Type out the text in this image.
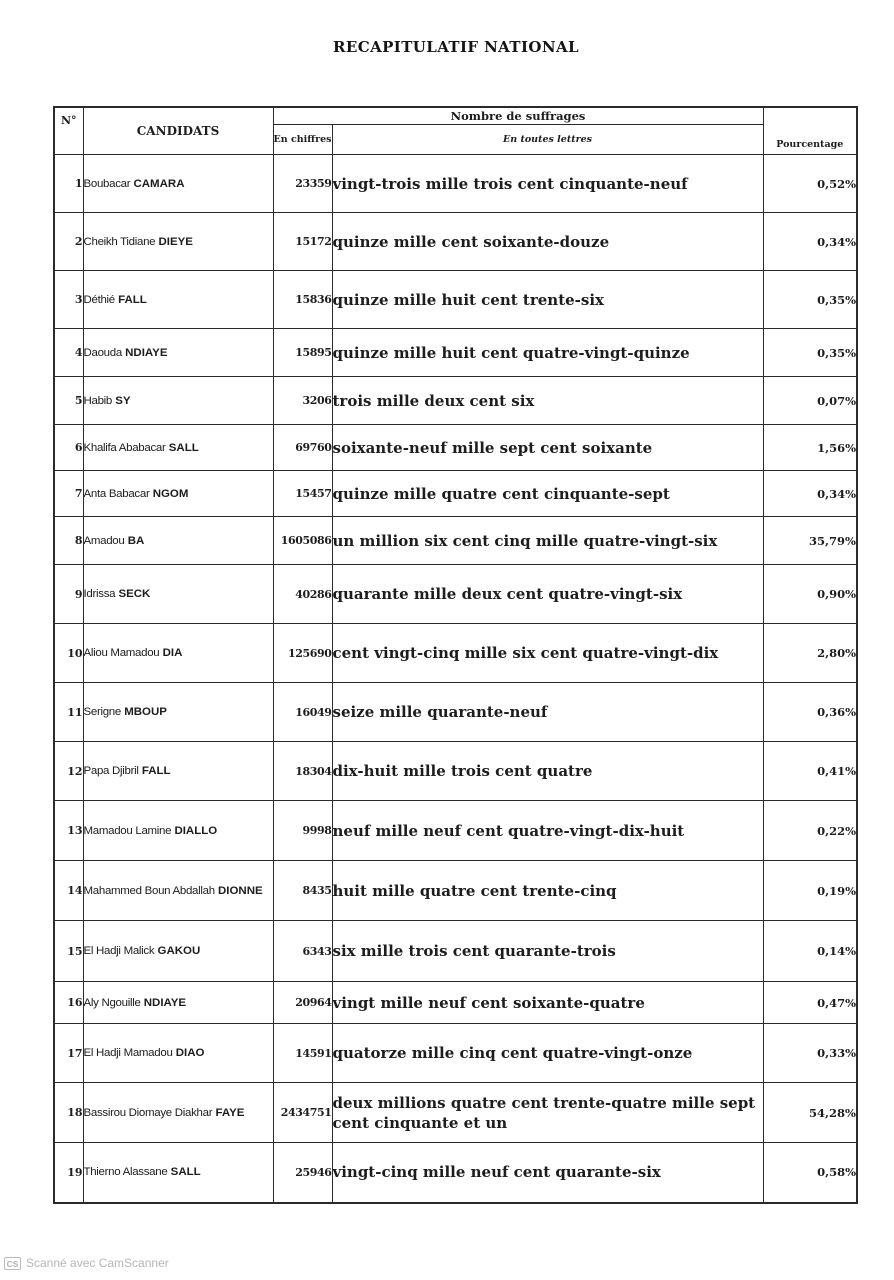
RECAPITULATIF NATIONAL
N°	CANDIDATS	Nombre de suffrages		Pourcentage
		En chiffres	En toutes lettres	
1	Boubacar CAMARA	23359	vingt-trois mille trois cent cinquante-neuf	0,52%
2	Cheikh Tidiane DIEYE	15172	quinze mille cent soixante-douze	0,34%
3	Déthié FALL	15836	quinze mille huit cent trente-six	0,35%
4	Daouda NDIAYE	15895	quinze mille huit cent quatre-vingt-quinze	0,35%
5	Habib SY	3206	trois mille deux cent six	0,07%
6	Khalifa Ababacar SALL	69760	soixante-neuf mille sept cent soixante	1,56%
7	Anta Babacar NGOM	15457	quinze mille quatre cent cinquante-sept	0,34%
8	Amadou BA	1605086	un million six cent cinq mille quatre-vingt-six	35,79%
9	Idrissa SECK	40286	quarante mille deux cent quatre-vingt-six	0,90%
10	Aliou Mamadou DIA	125690	cent vingt-cinq mille six cent quatre-vingt-dix	2,80%
11	Serigne MBOUP	16049	seize mille quarante-neuf	0,36%
12	Papa Djibril FALL	18304	dix-huit mille trois cent quatre	0,41%
13	Mamadou Lamine DIALLO	9998	neuf mille neuf cent quatre-vingt-dix-huit	0,22%
14	Mahammed Boun Abdallah DIONNE	8435	huit mille quatre cent trente-cinq	0,19%
15	El Hadji Malick GAKOU	6343	six mille trois cent quarante-trois	0,14%
16	Aly Ngouille NDIAYE	20964	vingt mille neuf cent soixante-quatre	0,47%
17	El Hadji Mamadou DIAO	14591	quatorze mille cinq cent quatre-vingt-onze	0,33%
18	Bassirou Diomaye Diakhar FAYE	2434751	deux millions quatre cent trente-quatre mille sept cent cinquante et un	54,28%
19	Thierno Alassane SALL	25946	vingt-cinq mille neuf cent quarante-six	0,58%
CS Scanné avec CamScanner
